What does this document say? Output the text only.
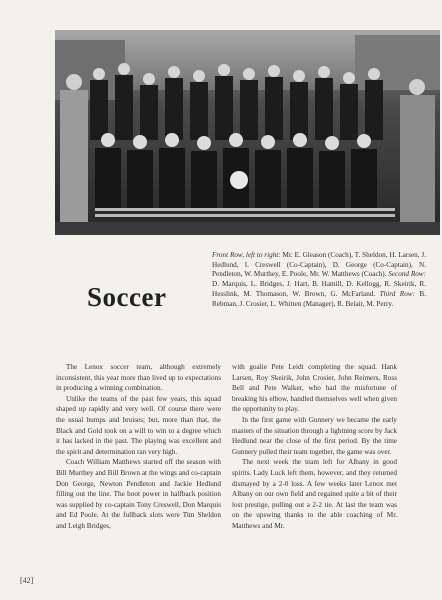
Front Row, left to right: Mr. E. Gleason (Coach), T. Sheldon, H. Larsen, J. Hedlund, I. Creswell (Co-Captain), D. George (Co-Captain), N. Pendleton, W. Murthey, E. Poole, Mr. W. Matthews (Coach). Second Row: D. Marquis, L. Bridges, J. Hart, B. Hamill, D. Kellogg, R. Skeirik, R. Hesslink, M. Thomason, W. Brown, G. McFarland. Third Row: B. Rebman, J. Crosier, L. Whitten (Manager), R. Belair, M. Perry.
Soccer

The Lenox soccer team, although extremely inconsistent, this year more than lived up to expectations in producing a winning combination.

Unlike the teams of the past few years, this squad shaped up rapidly and very well. Of course there were the usual bumps and bruises; but, more than that, the Black and Gold took on a will to win to a degree which it has lacked in the past. The playing was excellent and the spirit and determination ran very high.

Coach William Matthews started off the season with Bill Murthey and Bill Brown at the wings and co-captain Don George, Newton Pendleton and Jackie Hedlund filling out the line. The boot power in halfback position was supplied by co-captain Tony Creswell, Don Marquis and Ed Poole. At the fullback slots were Tim Sheldon and Leigh Bridges,

with goalie Pete Leidt completing the squad. Hank Larsen, Roy Skeirik, John Crosier, John Reimers, Ross Bell and Pete Walker, who had the misfortune of breaking his elbow, handled themselves well when given the opportunity to play.

In the first game with Gunnery we became the early masters of the situation through a lightning score by Jack Hedlund near the close of the first period. By the time Gunnery pulled their team together, the game was over.

The next week the team left for Albany in good spirits. Lady Luck left them, however, and they returned dismayed by a 2-0 loss. A few weeks later Lenox met Albany on our own field and regained quite a bit of their lost prestige, pulling out a 2-2 tie. At last the team was on the upswing thanks to the able coaching of Mr. Matthews and Mr.

[42]
